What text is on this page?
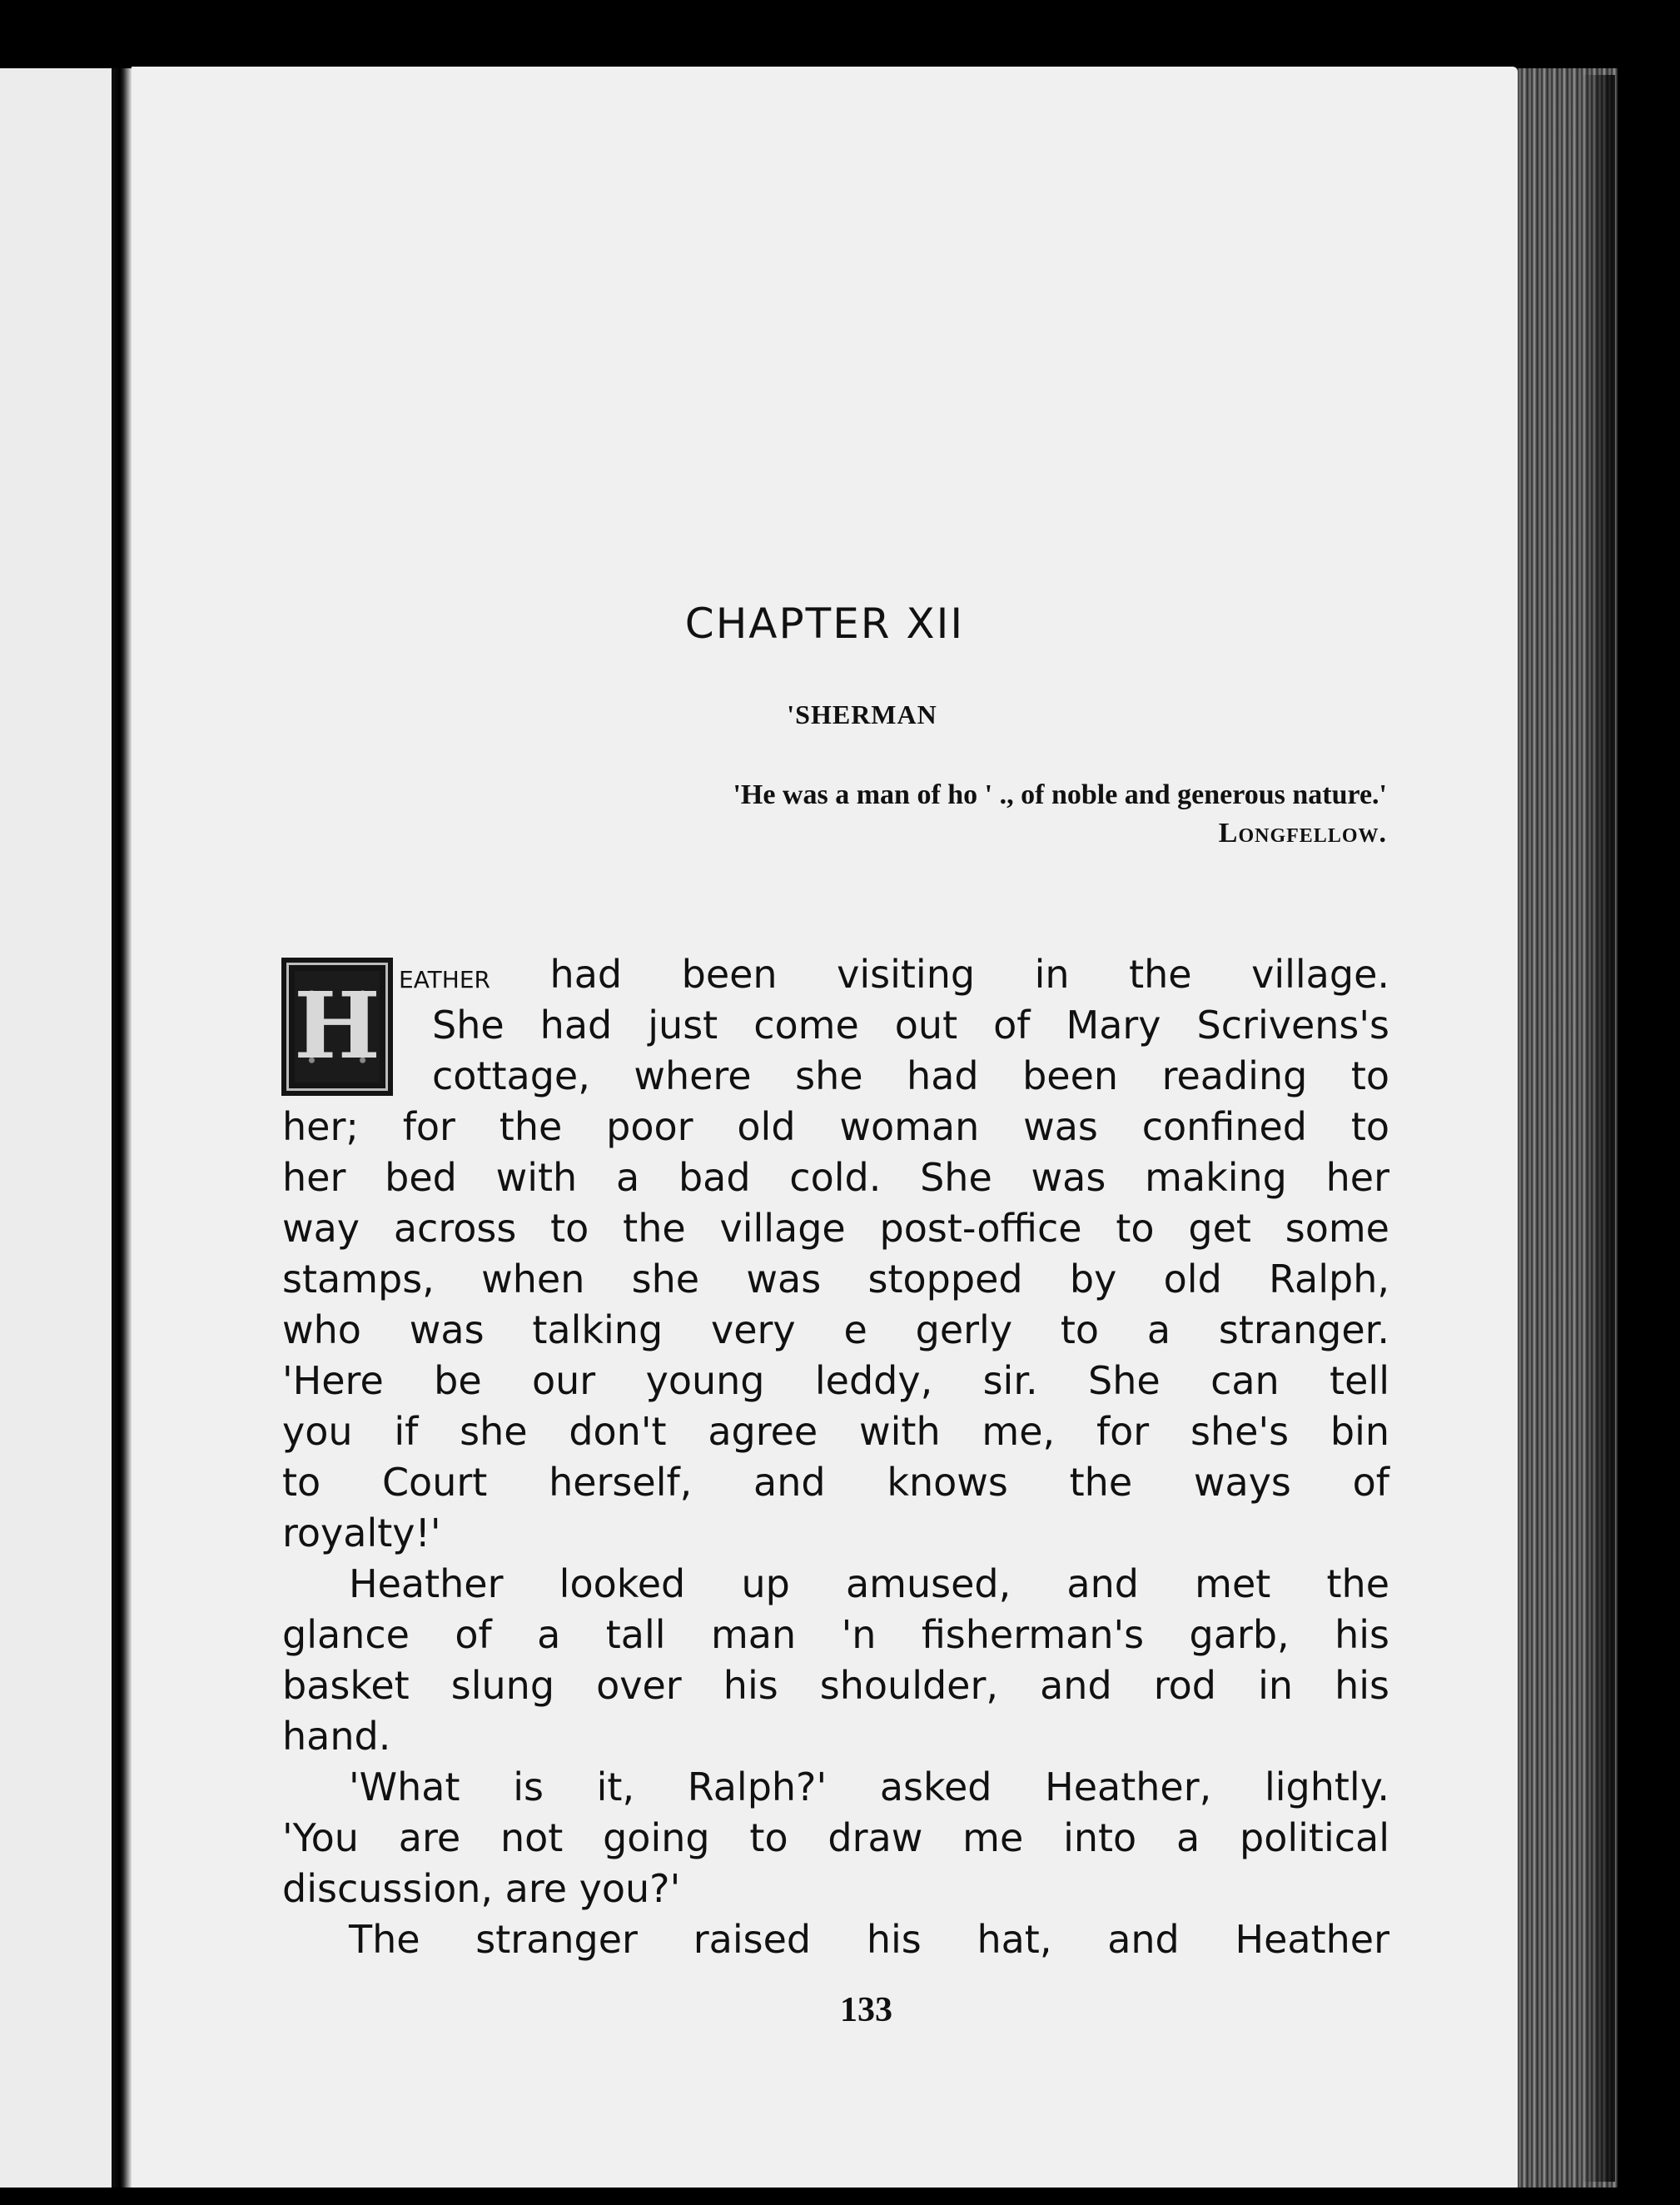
CHAPTER XII
'SHERMAN
'He was a man of ho ' ., of noble and generous nature.'
Longfellow.
H eather had been visiting in the village.
She had just come out of Mary Scrivens's
cottage, where she had been reading to
her; for the poor old woman was confined to
her bed with a bad cold. She was making her
way across to the village post-office to get some
stamps, when she was stopped by old Ralph,
who was talking very e gerly to a stranger.
'Here be our young leddy, sir. She can tell
you if she don't agree with me, for she's bin
to Court herself, and knows the ways of
royalty!'
Heather looked up amused, and met the
glance of a tall man 'n fisherman's garb, his
basket slung over his shoulder, and rod in his
hand.
'What is it, Ralph?' asked Heather, lightly.
'You are not going to draw me into a political
discussion, are you?'
The stranger raised his hat, and Heather
133
